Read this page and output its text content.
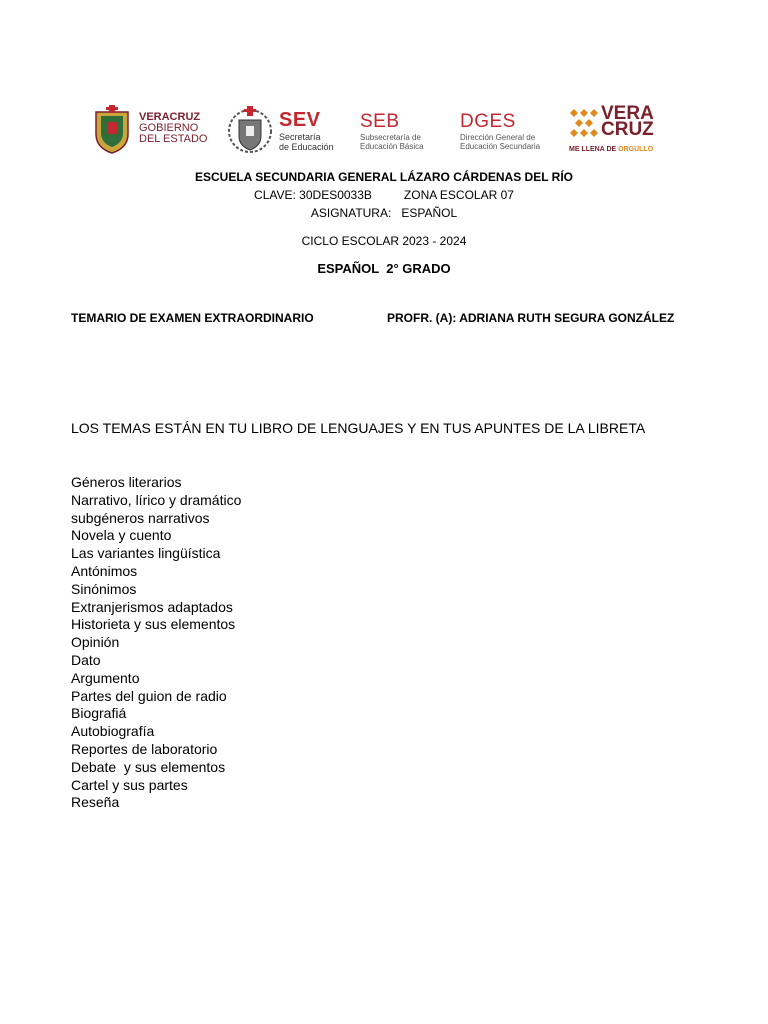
VERACRUZ
GOBIERNO
DEL ESTADO
SEV
Secretaría
de Educación
SEB
Subsecretaría de
Educación Básica
DGES
Dirección General de
Educación Secundaria
VERA
CRUZ
ME LLENA DE ORGULLO
ESCUELA SECUNDARIA GENERAL LÁZARO CÁRDENAS DEL RÍO
CLAVE: 30DES0033B	ZONA ESCOLAR 07
ASIGNATURA: ESPAÑOL
CICLO ESCOLAR 2023 - 2024
ESPAÑOL  2° GRADO
TEMARIO DE EXAMEN EXTRAORDINARIO	PROFR. (A): ADRIANA RUTH SEGURA GONZÁLEZ
LOS TEMAS ESTÁN EN TU LIBRO DE LENGUAJES Y EN TUS APUNTES DE LA LIBRETA
Géneros literarios
Narrativo, lírico y dramático
subgéneros narrativos
Novela y cuento
Las variantes lingüística
Antónimos
Sinónimos
Extranjerismos adaptados
Historieta y sus elementos
Opinión
Dato
Argumento
Partes del guion de radio
Biografiá
Autobiografía
Reportes de laboratorio
Debate  y sus elementos
Cartel y sus partes
Reseña
